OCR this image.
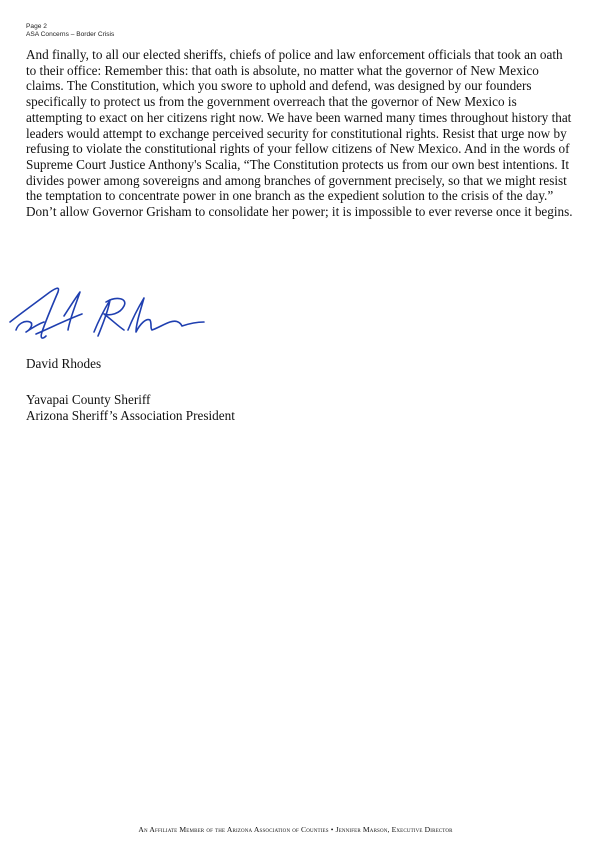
Page 2
ASA Concerns – Border Crisis

And finally, to all our elected sheriffs, chiefs of police and law enforcement officials that took an oath to their office: Remember this: that oath is absolute, no matter what the governor of New Mexico claims. The Constitution, which you swore to uphold and defend, was designed by our founders specifically to protect us from the government overreach that the governor of New Mexico is attempting to exact on her citizens right now. We have been warned many times throughout history that leaders would attempt to exchange perceived security for constitutional rights. Resist that urge now by refusing to violate the constitutional rights of your fellow citizens of New Mexico. And in the words of Supreme Court Justice Anthony's Scalia, “The Constitution protects us from our own best intentions. It divides power among sovereigns and among branches of government precisely, so that we might resist the temptation to concentrate power in one branch as the expedient solution to the crisis of the day.” Don’t allow Governor Grisham to consolidate her power; it is impossible to ever reverse once it begins.

David Rhodes
Yavapai County Sheriff
Arizona Sheriff’s Association President
An Affiliate Member of the Arizona Association of Counties • Jennifer Marson, Executive Director
